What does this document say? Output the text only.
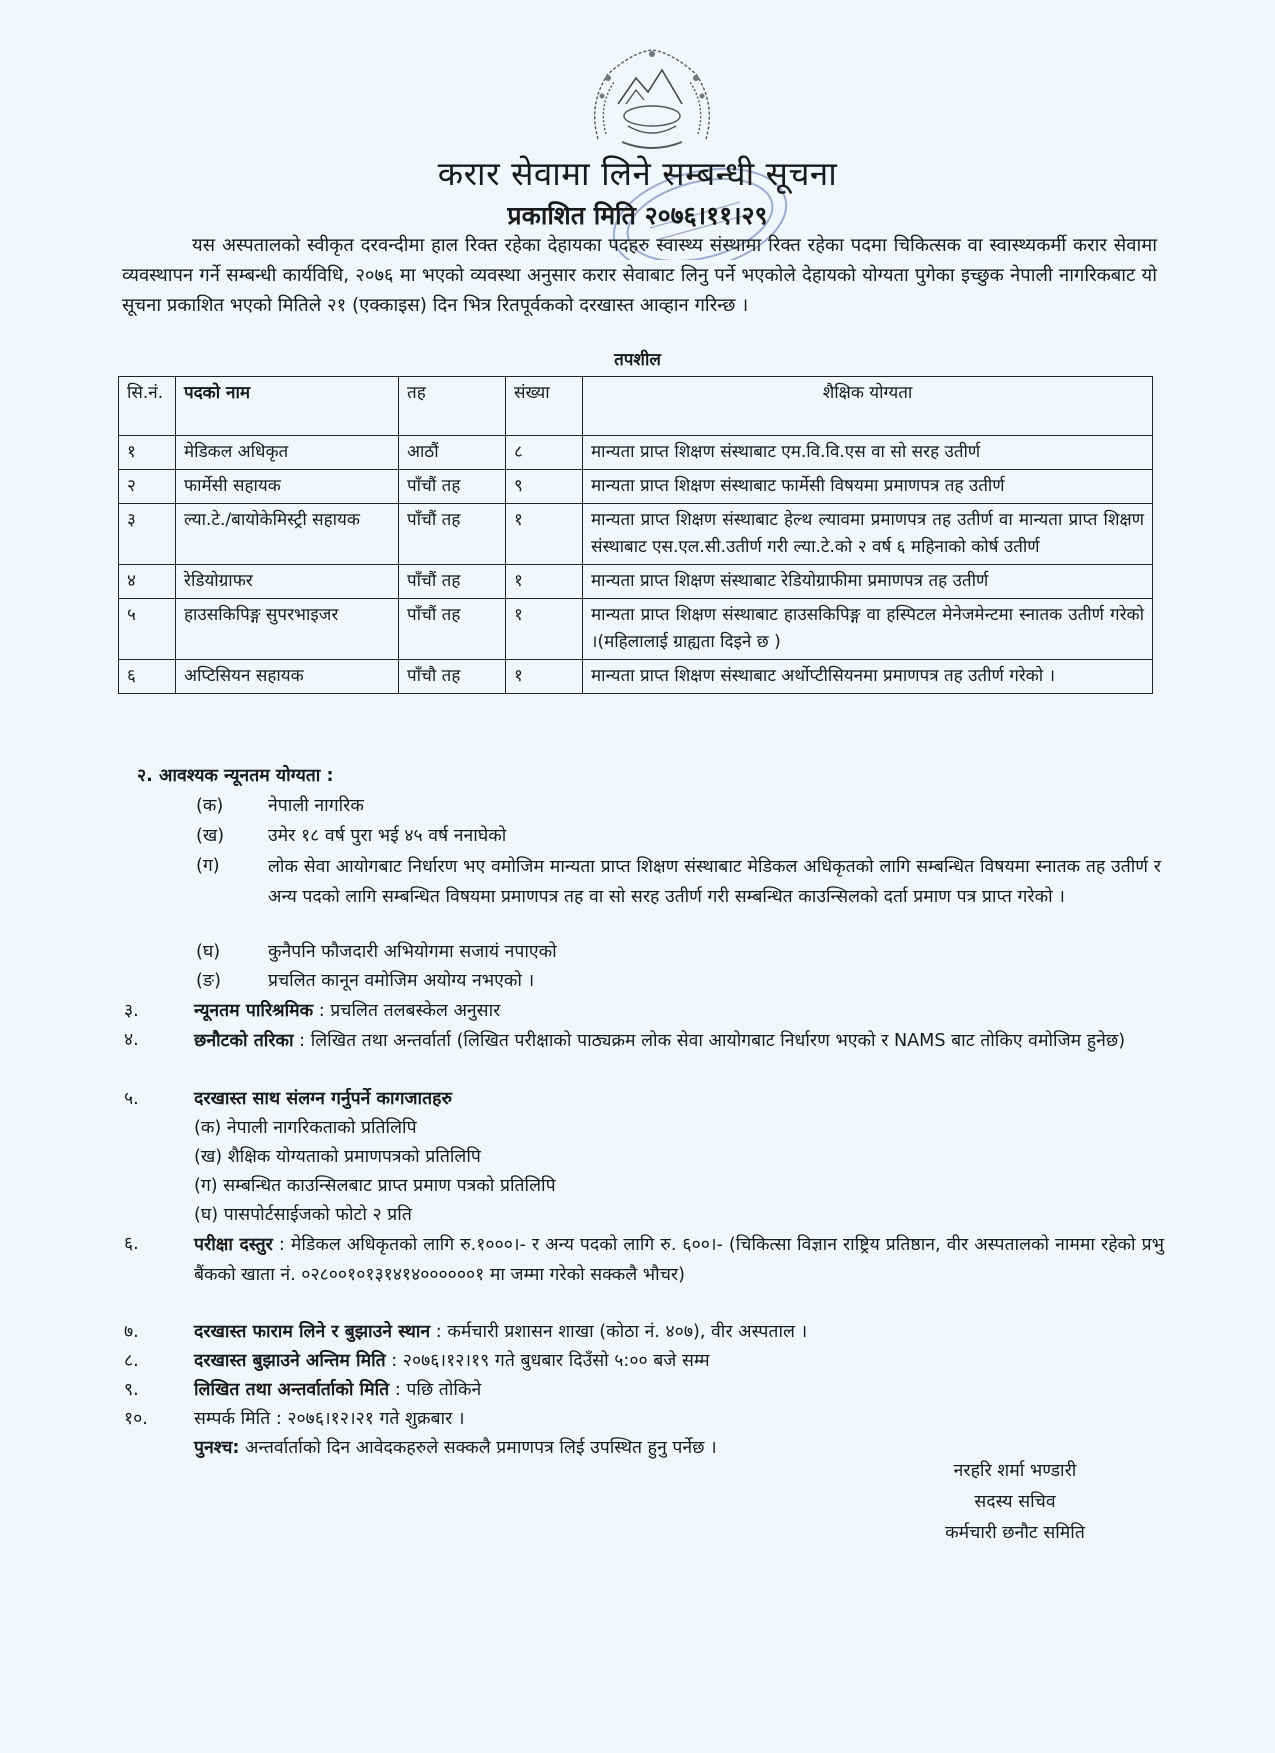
करार सेवामा लिने सम्बन्धी सूचना
प्रकाशित मिति २०७६।११।२९
यस अस्पतालको स्वीकृत दरवन्दीमा हाल रिक्त रहेका देहायका पदहरु स्वास्थ्य संस्थामा रिक्त रहेका पदमा चिकित्सक वा स्वास्थ्यकर्मी करार सेवामा व्यवस्थापन गर्ने सम्बन्धी कार्यविधि, २०७६ मा भएको व्यवस्था अनुसार करार सेवाबाट लिनु पर्ने भएकोले देहायको योग्यता पुगेका इच्छुक नेपाली नागरिकबाट यो सूचना प्रकाशित भएको मितिले २१ (एक्काइस) दिन भित्र रितपूर्वकको दरखास्त आव्हान गरिन्छ ।
तपशील
सि.नं.	पदको नाम	तह	संख्या	शैक्षिक योग्यता
१	मेडिकल अधिकृत	आठौं	८	मान्यता प्राप्त शिक्षण संस्थाबाट एम.वि.वि.एस वा सो सरह उतीर्ण
२	फार्मेसी सहायक	पाँचौं तह	९	मान्यता प्राप्त शिक्षण संस्थाबाट फार्मेसी विषयमा प्रमाणपत्र तह उतीर्ण
३	ल्या.टे./बायोकेमिस्ट्री सहायक	पाँचौं तह	१	मान्यता प्राप्त शिक्षण संस्थाबाट हेल्थ ल्यावमा प्रमाणपत्र तह उतीर्ण वा मान्यता प्राप्त शिक्षण संस्थाबाट एस.एल.सी.उतीर्ण गरी ल्या.टे.को २ वर्ष ६ महिनाको कोर्ष उतीर्ण
४	रेडियोग्राफर	पाँचौं तह	१	मान्यता प्राप्त शिक्षण संस्थाबाट रेडियोग्राफीमा प्रमाणपत्र तह उतीर्ण
५	हाउसकिपिङ्ग सुपरभाइजर	पाँचौं तह	१	मान्यता प्राप्त शिक्षण संस्थाबाट हाउसकिपिङ्ग वा हस्पिटल मेनेजमेन्टमा स्नातक उतीर्ण गरेको ।(महिलालाई ग्राह्यता दिइने छ )
६	अप्टिसियन सहायक	पाँचौ तह	१	मान्यता प्राप्त शिक्षण संस्थाबाट अर्थोप्टीसियनमा प्रमाणपत्र तह उतीर्ण गरेको ।
२. आवश्यक न्यूनतम योग्यता :
(क)	नेपाली नागरिक
(ख)	उमेर १८ वर्ष पुरा भई ४५ वर्ष ननाघेको
(ग)	लोक सेवा आयोगबाट निर्धारण भए वमोजिम मान्यता प्राप्त शिक्षण संस्थाबाट मेडिकल अधिकृतको लागि सम्बन्धित विषयमा स्नातक तह उतीर्ण र अन्य पदको लागि सम्बन्धित विषयमा प्रमाणपत्र तह वा सो सरह उतीर्ण गरी सम्बन्धित काउन्सिलको दर्ता प्रमाण पत्र प्राप्त गरेको ।
(घ)	कुनैपनि फौजदारी अभियोगमा सजायं नपाएको
(ङ)	प्रचलित कानून वमोजिम अयोग्य नभएको ।
३.	न्यूनतम पारिश्रमिक : प्रचलित तलबस्केल अनुसार
४.	छनौटको तरिका : लिखित तथा अन्तर्वार्ता (लिखित परीक्षाको पाठ्यक्रम लोक सेवा आयोगबाट निर्धारण भएको र NAMS बाट तोकिए वमोजिम हुनेछ)
५.	दरखास्त साथ संलग्न गर्नुपर्ने कागजातहरु
(क) नेपाली नागरिकताको प्रतिलिपि
(ख) शैक्षिक योग्यताको प्रमाणपत्रको प्रतिलिपि
(ग) सम्बन्धित काउन्सिलबाट प्राप्त प्रमाण पत्रको प्रतिलिपि
(घ) पासपोर्टसाईजको फोटो २ प्रति
६.	परीक्षा दस्तुर : मेडिकल अधिकृतको लागि रु.१०००।- र अन्य पदको लागि रु. ६००।- (चिकित्सा विज्ञान राष्ट्रिय प्रतिष्ठान, वीर अस्पतालको नाममा रहेको प्रभु बैंकको खाता नं. ०२८००१०१३१४१४००००००१ मा जम्मा गरेको सक्कलै भौचर)
७.	दरखास्त फाराम लिने र बुझाउने स्थान : कर्मचारी प्रशासन शाखा (कोठा नं. ४०७), वीर अस्पताल ।
८.	दरखास्त बुझाउने अन्तिम मिति : २०७६।१२।१९ गते बुधबार दिउँसो ५:०० बजे सम्म
९.	लिखित तथा अन्तर्वार्ताको मिति : पछि तोकिने
१०.	सम्पर्क मिति : २०७६।१२।२१ गते शुक्रबार ।
पुनश्च: अन्तर्वार्ताको दिन आवेदकहरुले सक्कलै प्रमाणपत्र लिई उपस्थित हुनु पर्नेछ ।
नरहरि शर्मा भण्डारी
सदस्य सचिव
कर्मचारी छनौट समिति
